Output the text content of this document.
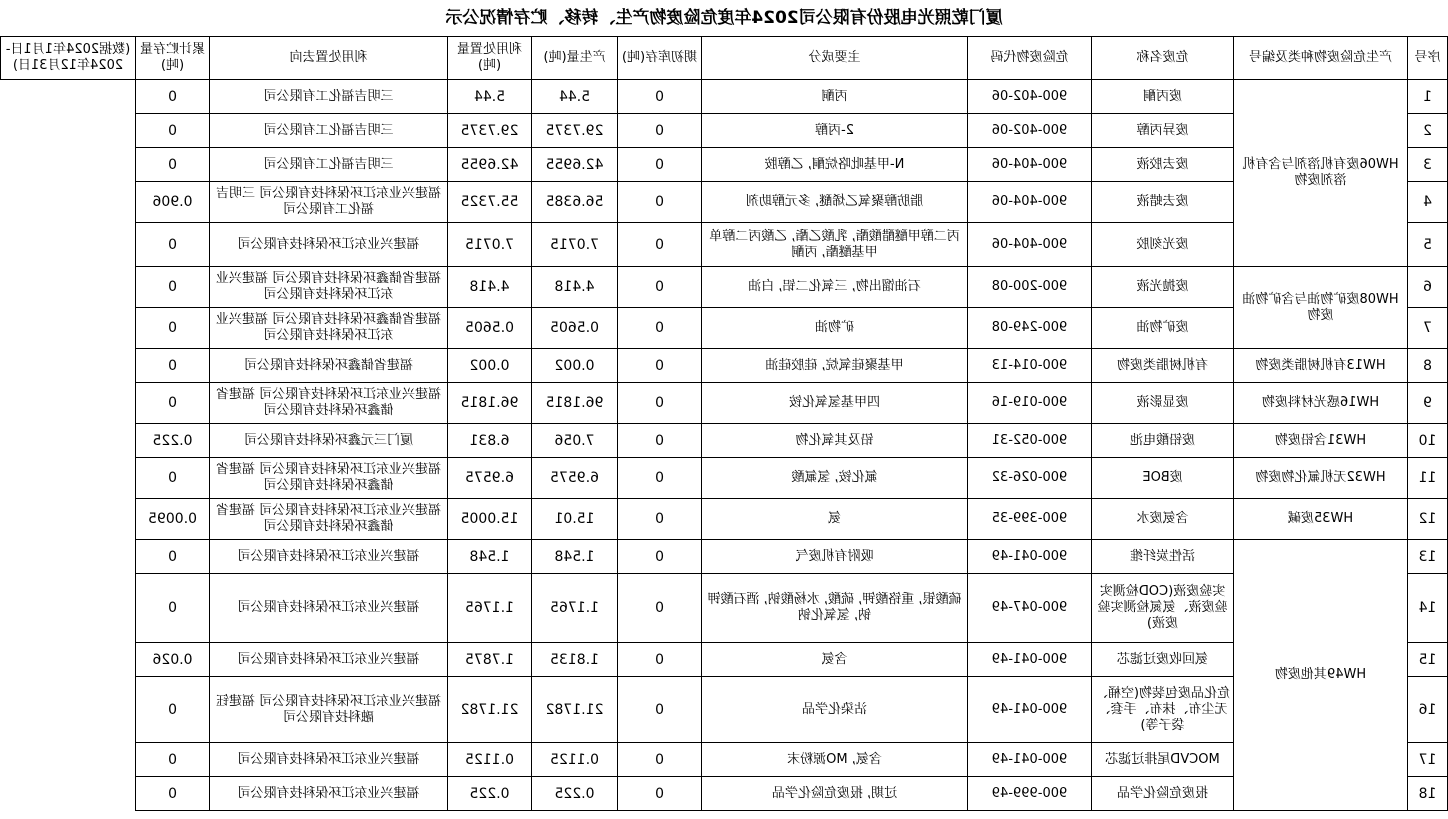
厦门乾照光电股份有限公司2024年度危险废物产生、转移、贮存情况公示
序号	产生危险废物种类及编号	危废名称	危险废物代码	主要成分	期初库存(吨)	产生量(吨)	利用处置量(吨)	利用处置去向	累计贮存量(吨)	(数据2024年1月1日-2024年12月31日)
1	HW06废有机溶剂与含有机溶剂废物	废丙酮	900-402-06	丙酮	0	5.44	5.44	三明吉福化工有限公司	0	
2		废异丙醇	900-402-06	2-丙醇	0	29.7375	29.7375	三明吉福化工有限公司	0	
3		废去胶液	900-404-06	N-甲基吡咯烷酮, 乙醇胺	0	42.6955	42.6955	三明吉福化工有限公司	0	
4		废去蜡液	900-404-06	脂肪醇聚氧乙烯醚, 多元醇助剂	0	56.6385	55.7325	福建兴业东江环保科技有限公司 三明吉福化工有限公司	0.906	
5		废光刻胶	900-404-06	丙二醇甲醚醋酸酯, 乳酸乙酯, 乙酸丙二醇单甲基醚酯, 丙酮	0	7.0715	7.0715	福建兴业东江环保科技有限公司	0	
6	HW08废矿物油与含矿物油废物	废抛光液	900-200-08	石油馏出物, 三氧化二铝, 白油	0	4.418	4.418	福建省储鑫环保科技有限公司 福建兴业东江环保科技有限公司	0	
7		废矿物油	900-249-08	矿物油	0	0.5605	0.5605	福建省储鑫环保科技有限公司 福建兴业东江环保科技有限公司	0	
8	HW13有机树脂类废物	有机树脂类废物	900-014-13	甲基聚硅氧烷, 硅胶硅油	0	0.002	0.002	福建省储鑫环保科技有限公司	0	
9	HW16感光材料废物	废显影液	900-019-16	四甲基氢氧化铵	0	96.1815	96.1815	福建兴业东江环保科技有限公司 福建省储鑫环保科技有限公司	0	
10	HW31含铅废物	废铅酸电池	900-052-31	铅及其氧化物	0	7.056	6.831	厦门三元鑫环保科技有限公司	0.225	
11	HW32无机氟化物废物	废BOE	900-026-32	氟化铵, 氢氟酸	0	6.9575	6.9575	福建兴业东江环保科技有限公司 福建省储鑫环保科技有限公司	0	
12	HW35废碱	含氨废水	900-399-35	氨	0	15.01	15.0005	福建兴业东江环保科技有限公司 福建省储鑫环保科技有限公司	0.0095	
13	HW49其他废物	活性炭纤维	900-041-49	吸附有机废气	0	1.548	1.548	福建兴业东江环保科技有限公司	0	
14		实验废液(COD检测实验废液、氨氮检测实验废液)	900-047-49	硫酸银, 重铬酸钾, 硫酸, 水杨酸钠, 酒石酸钾钠, 氢氧化钠	0	1.1765	1.1765	福建兴业东江环保科技有限公司	0	
15		氨回收废过滤芯	900-041-49	含氨	0	1.8135	1.7875	福建兴业东江环保科技有限公司	0.026	
16		危化品废包装物(空桶、无尘布、抹布、手套、袋子等)	900-041-49	沾染化学品	0	21.1782	21.1782	福建兴业东江环保科技有限公司 福建钰融科技有限公司	0	
17		MOCVD尾排过滤芯	900-041-49	含氨, MO源粉末	0	0.1125	0.1125	福建兴业东江环保科技有限公司	0	
18		报废危险化学品	900-999-49	过期, 报废危险化学品	0	0.225	0.225	福建兴业东江环保科技有限公司	0	
